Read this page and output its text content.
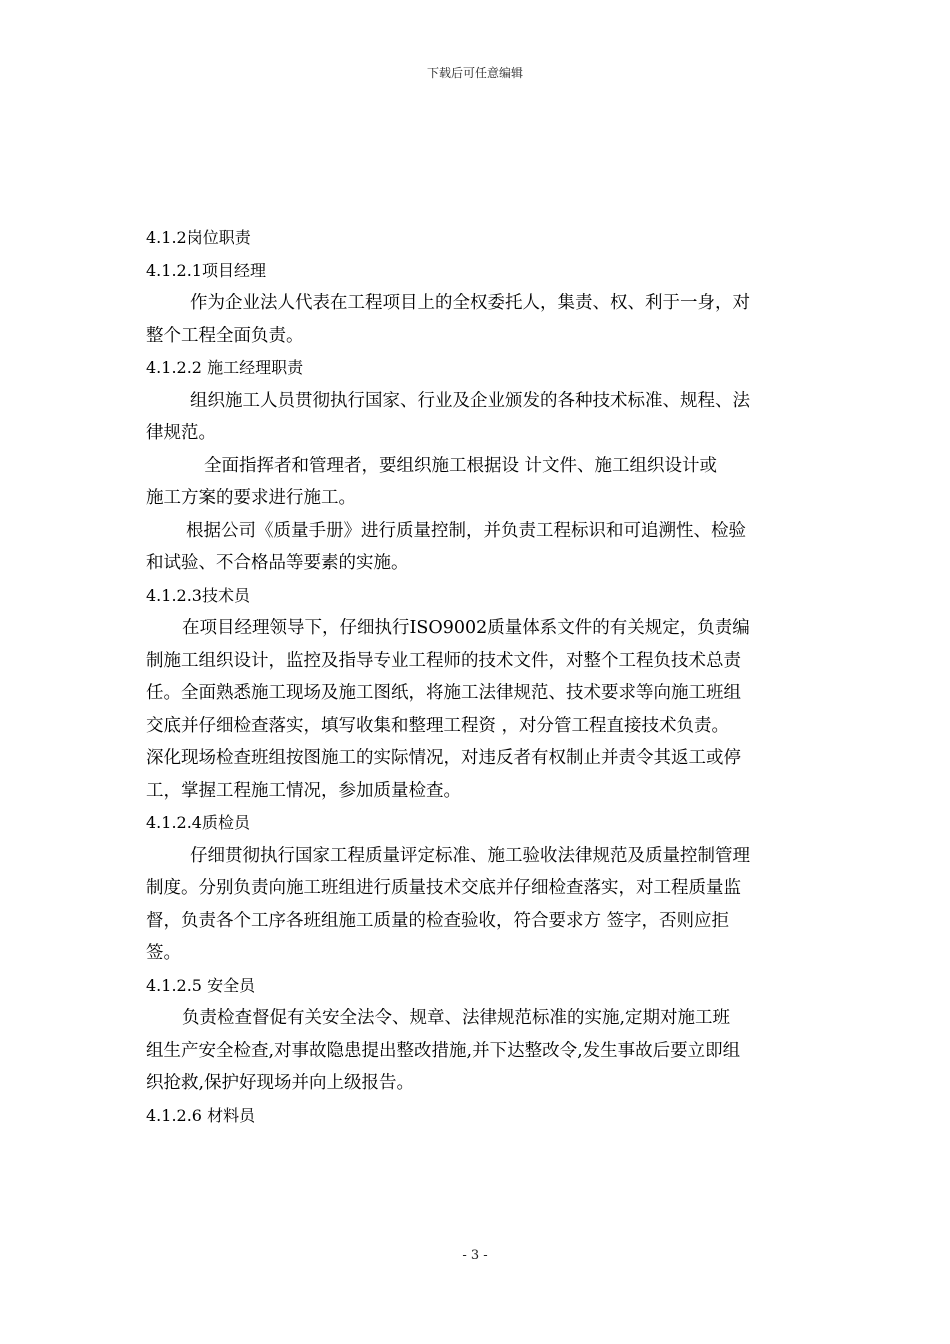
下载后可任意编辑
4.1.2岗位职责
4.1.2.1项目经理
作为企业法人代表在工程项目上的全权委托人，集责、权、利于一身，对
整个工程全面负责。
4.1.2.2 施工经理职责
组织施工人员贯彻执行国家、行业及企业颁发的各种技术标准、规程、法
律规范。
全面指挥者和管理者，要组织施工根据设 计文件、施工组织设计或
施工方案的要求进行施工。
根据公司《质量手册》进行质量控制，并负责工程标识和可追溯性、检验
和试验、不合格品等要素的实施。
4.1.2.3技术员
在项目经理领导下，仔细执行ISO9002质量体系文件的有关规定，负责编
制施工组织设计，监控及指导专业工程师的技术文件，对整个工程负技术总责
任。全面熟悉施工现场及施工图纸，将施工法律规范、技术要求等向施工班组
交底并仔细检查落实，填写收集和整理工程资 ，对分管工程直接技术负责。
深化现场检查班组按图施工的实际情况，对违反者有权制止并责令其返工或停
工，掌握工程施工情况，参加质量检查。
4.1.2.4质检员
仔细贯彻执行国家工程质量评定标准、施工验收法律规范及质量控制管理
制度。分别负责向施工班组进行质量技术交底并仔细检查落实，对工程质量监
督，负责各个工序各班组施工质量的检查验收，符合要求方 签字，否则应拒
签。
4.1.2.5 安全员
负责检查督促有关安全法令、规章、法律规范标准的实施,定期对施工班
组生产安全检查,对事故隐患提出整改措施,并下达整改令,发生事故后要立即组
织抢救,保护好现场并向上级报告。
4.1.2.6 材料员
- 3 -
